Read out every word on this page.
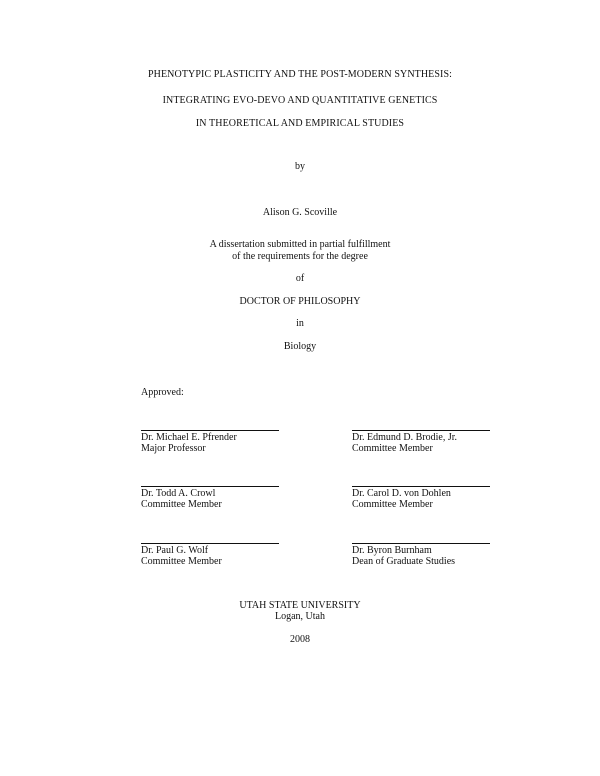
PHENOTYPIC PLASTICITY AND THE POST-MODERN SYNTHESIS:
INTEGRATING EVO-DEVO AND QUANTITATIVE GENETICS
IN THEORETICAL AND EMPIRICAL STUDIES
by
Alison G. Scoville
A dissertation submitted in partial fulfillment
of the requirements for the degree
of
DOCTOR OF PHILOSOPHY
in
Biology
Approved:
Dr. Michael E. Pfrender
Major Professor
Dr. Edmund D. Brodie, Jr.
Committee Member
Dr. Todd A. Crowl
Committee Member
Dr. Carol D. von Dohlen
Committee Member
Dr. Paul G. Wolf
Committee Member
Dr. Byron Burnham
Dean of Graduate Studies
UTAH STATE UNIVERSITY
Logan, Utah
2008
